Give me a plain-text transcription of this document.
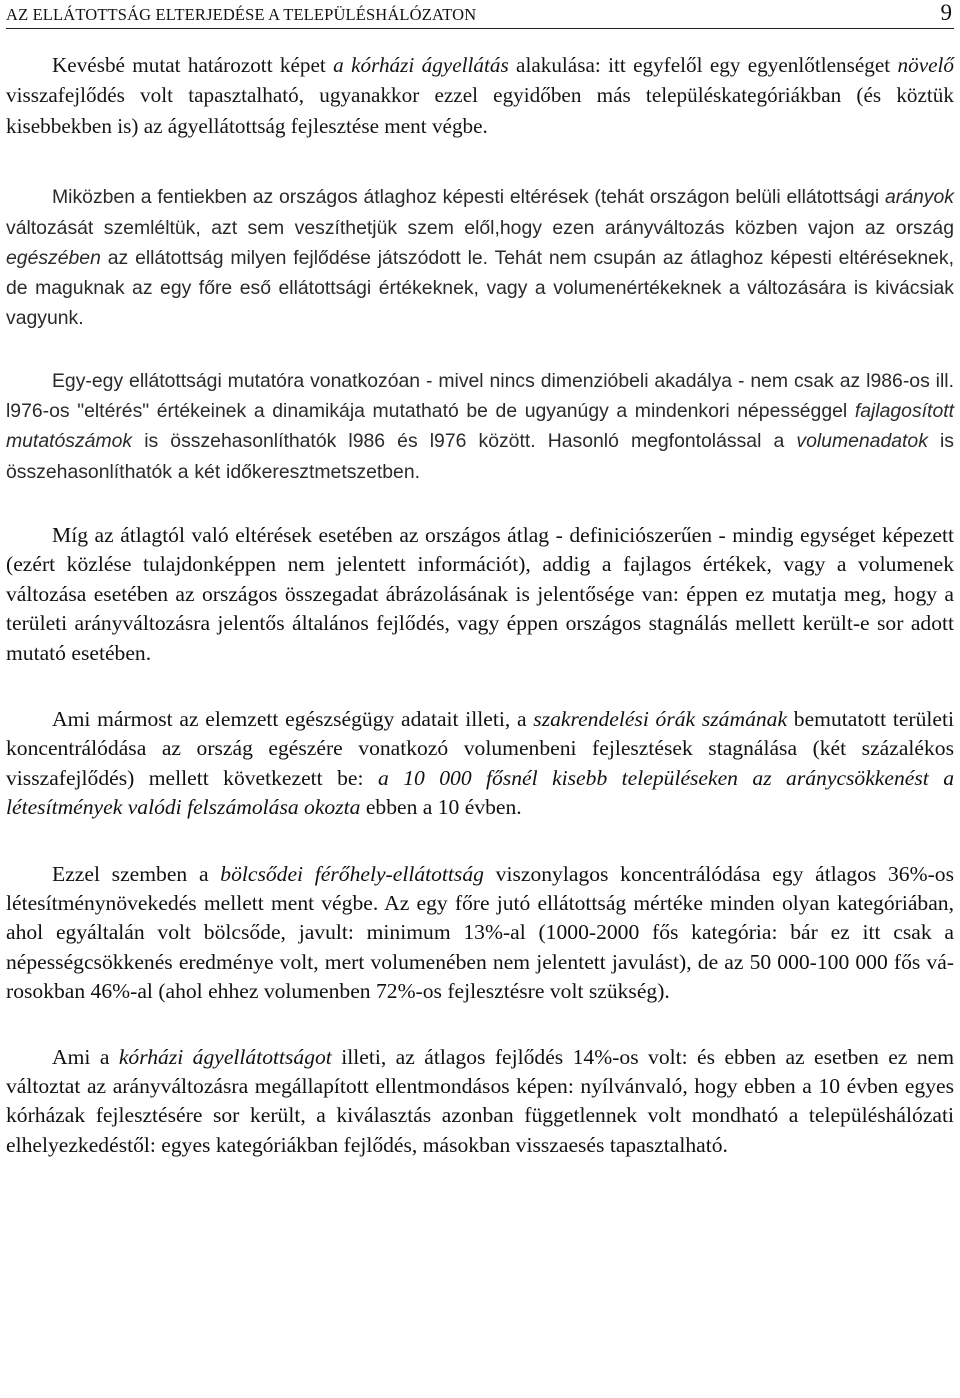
AZ ELLÁTOTTSÁG ELTERJEDÉSE A TELEPÜLÉSHÁLÓZATON	9

Kevésbé mutat határozott képet a kórházi ágyellátás alakulása: itt egyfelől egy egyenlőtlenséget növelő visszafejlődés volt tapasztalható, ugyanakkor ezzel egyidőben más településkategóriákban (és köztük kisebbekben is) az ágyellátottság fejlesztése ment végbe.

Miközben a fentiekben az országos átlaghoz képesti eltérések (tehát országon belüli ellátottsági arányok változását szemléltük, azt sem veszíthetjük szem elől,hogy ezen arányváltozás közben vajon az ország egészében az ellátottság milyen fejlődése játszódott le. Tehát nem csupán az átlaghoz képesti eltéréseknek, de maguknak az egy főre eső ellátottsági értékeknek, vagy a volumenértékeknek a változására is kivácsiak vagyunk.

Egy-egy ellátottsági mutatóra vonatkozóan - mivel nincs dimenzióbeli akadálya - nem csak az l986-os ill. l976-os "eltérés" értékeinek a dinamikája mutatható be de ugyanúgy a mindenkori népességgel fajlagosított mutatószámok is összehasonlíthatók l986 és l976 között. Hasonló megfontolással a volumenadatok is összehasonlíthatók a két időkeresztmetszetben.

Míg az átlagtól való eltérések esetében az országos átlag - definiciószerűen - mindig egységet képezett (ezért közlése tulajdonképpen nem jelentett információt), addig a fajlagos értékek, vagy a volumenek változása esetében az országos összegadat ábrázolásának is jelentősége van: éppen ez mutatja meg, hogy a területi arányváltozásra jelentős általános fejlődés, vagy éppen országos stagnálás mellett került-e sor adott mutató esetében.

Ami mármost az elemzett egészségügy adatait illeti, a szakrendelési órák számának bemutatott területi koncentrálódása az ország egészére vonatkozó volumenbeni fejlesztések stagnálása (két százalékos visszafejlődés) mellett következett be: a 10 000 fősnél kisebb településeken az aránycsökkenést a létesítmények valódi felszámolása okozta ebben a 10 évben.

Ezzel szemben a bölcsődei férőhely-ellátottság viszonylagos koncentrálódása egy átlagos 36%-os létesítménynövekedés mellett ment végbe. Az egy főre jutó ellátottság mértéke minden olyan kategóriában, ahol egyáltalán volt bölcsőde, javult: minimum 13%-al (1000-2000 fős kategória: bár ez itt csak a népességcsökkenés eredménye volt, mert volumenében nem jelentett javulást), de az 50 000-100 000 fős városokban 46%-al (ahol ehhez volumenben 72%-os fejlesztésre volt szükség).

Ami a kórházi ágyellátottságot illeti, az átlagos fejlődés 14%-os volt: és ebben az esetben ez nem változtat az arányváltozásra megállapított ellentmondásos képen: nyílvánvaló, hogy ebben a 10 évben egyes kórházak fejlesztésére sor került, a kiválasztás azonban függetlennek volt mondható a településhálózati elhelyezkedéstől: egyes kategóriákban fejlődés, másokban visszaesés tapasztalható.
